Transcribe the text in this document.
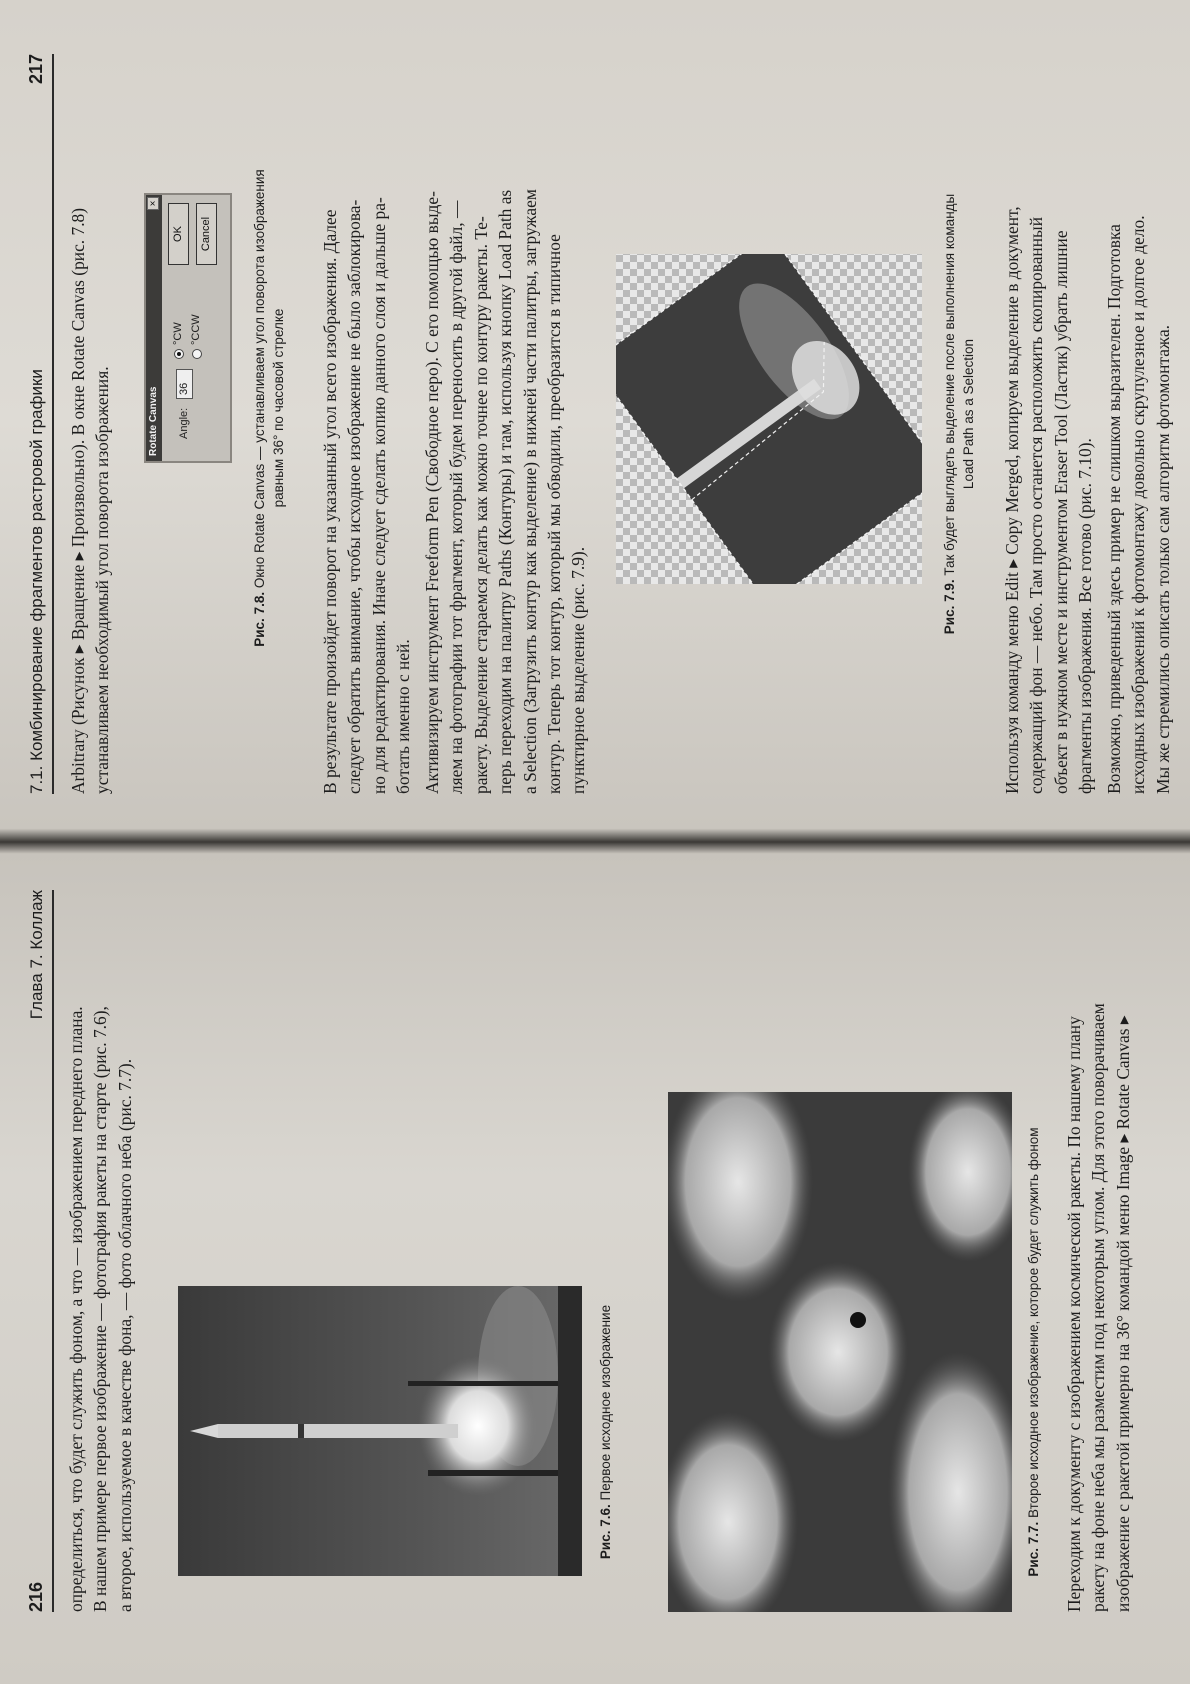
216
Глава 7. Коллаж
определиться, что будет служить фоном, а что — изображением переднего плана. В нашем примере первое изображение — фотография ракеты на старте (рис. 7.6), а второе, используемое в качестве фона, — фото облачного неба (рис. 7.7).	Рис. 7.6. Первое исходное изображение
Рис. 7.7. Второе исходное изображение, которое будет служить фоном Переходим к документу с изображением космической ракеты. По нашему плану ракету на фоне неба мы разместим под некоторым углом. Для этого поворачиваем изображение с ракетой примерно на 36° командой меню Image ▸ Rotate Canvas ▸
7.1. Комбинирование фрагментов растровой графики
217
Arbitrary (Рисунок ▸ Вращение ▸ Произвольно). В окне Rotate Canvas (рис. 7.8) устанавливаем необходимый угол поворота изображения.	Rotate Canvas
×
Angle:
36
°CW °CCW
OK	Cancel
Рис. 7.8. Окно Rotate Canvas — устанавливаем угол поворота изображения равным 36° по часовой стрелке В результате произойдет поворот на указанный угол всего изображения. Далее следует обратить внимание, чтобы исходное изображение не было заблокирова- но для редактирования. Иначе следует сделать копию данного слоя и дальше ра- ботать именно с ней. Активизируем инструмент Freeform Pen (Свободное перо). С его помощью выде- ляем на фотографии тот фрагмент, который будем переносить в другой файл, — ракету. Выделение стараемся делать как можно точнее по контуру ракеты. Те- перь переходим на палитру Paths (Контуры) и там, используя кнопку Load Path as a Selection (Загрузить контур как выделение) в нижней части палитры, загружаем контур. Теперь тот контур, который мы обводили, преобразится в типичное пунктирное выделение (рис. 7.9).	Рис. 7.9. Так будет выглядеть выделение после выполнения команды Load Path as a Selection Используя команду меню Edit ▸ Copy Merged, копируем выделение в документ, содержащий фон — небо. Там просто останется расположить скопированный объект в нужном месте и инструментом Eraser Tool (Ластик) убрать лишние фрагменты изображения. Все готово (рис. 7.10). Возможно, приведенный здесь пример не слишком выразителен. Подготовка исходных изображений к фотомонтажу довольно скрупулезное и долгое дело. Мы же стремились описать только сам алгоритм фотомонтажа.
